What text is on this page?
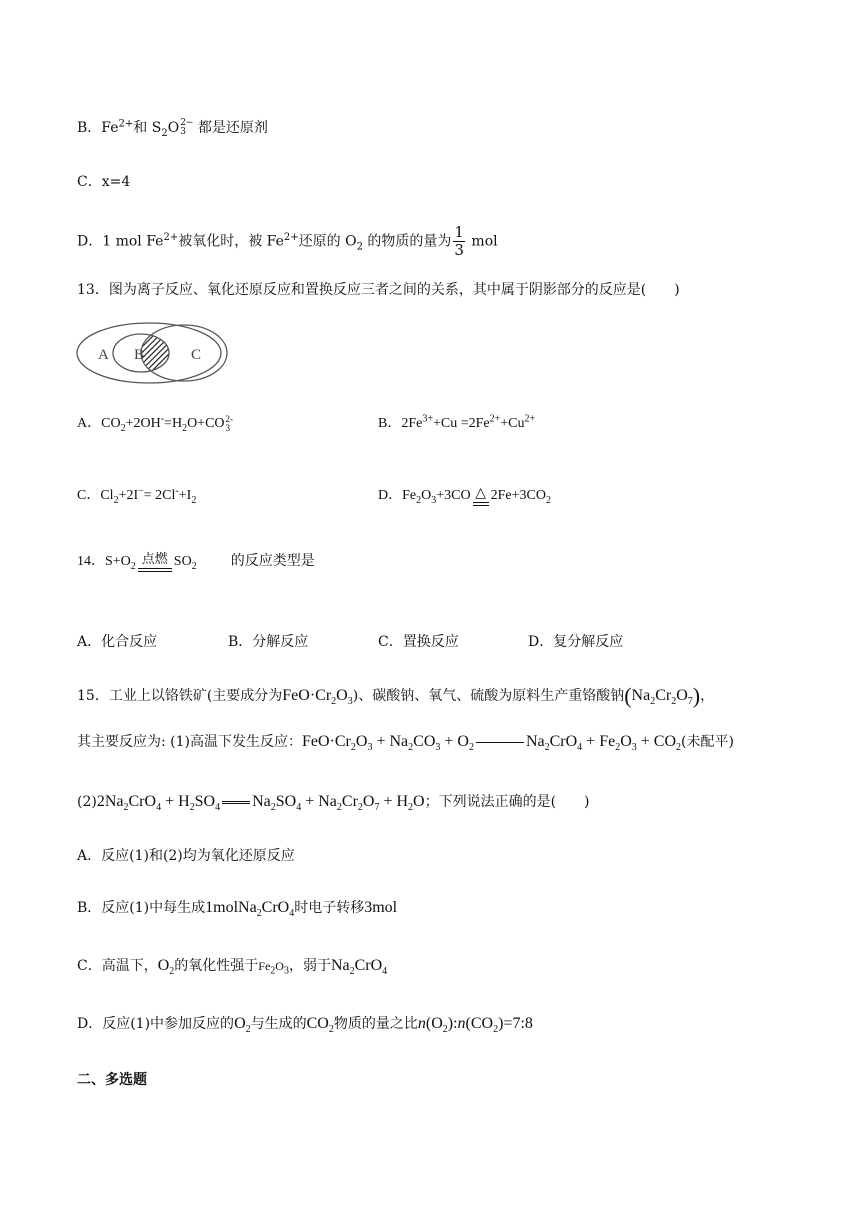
B．$Fe^{2+}$和 $S_2O$ 2−
3 都是还原剂
C．x=4
D．1 mol $Fe^{2+}$被氧化时，被 $Fe^{2+}$还原的 $O_2$ 的物质的量为 $\frac{1}{3}$ mol
13．图为离子反应、氧化还原反应和置换反应三者之间的关系，其中属于阴影部分的反应是(　　)
A B	C
A．$CO_2+2OH^-=H_2O+CO$ 2-
3	B．$2Fe^{3+}+Cu =2Fe^{2+}+Cu^{2+}$
C．$Cl_2+2I^-= 2Cl^-+I_2$	D．$Fe_2O_3+3CO$ △ $2Fe+3CO_2$
14．$S+O_2$ 点燃 $SO_2$ 的反应类型是
A．化合反应	B．分解反应	C．置换反应	D．复分解反应
15．工业上以铬铁矿(主要成分为$FeO\cdot Cr_2O_3$)、碳酸钠、氧气、硫酸为原料生产重铬酸钠$(Na_2Cr_2O_7)$，
其主要反应为: (1)高温下发生反应：$FeO\cdot Cr_2O_3 + Na_2CO_3 + O_2$	$Na_2CrO_4 + Fe_2O_3 + CO_2$(未配平)
$(2)2Na_2CrO_4 + H_2SO_4$ $Na_2SO_4 + Na_2Cr_2O_7 + H_2O$；下列说法正确的是(　　)
A．反应(1)和(2)均为氧化还原反应
B．反应(1)中每生成1molNa$_2$CrO$_4$时电子转移3mol
C．高温下，$O_2$的氧化性强于$Fe_2O_3$，弱于$Na_2CrO_4$
D．反应(1)中参加反应的$O_2$与生成的$CO_2$物质的量之比$n(O_2):n(CO_2)=7:8$
二、多选题
